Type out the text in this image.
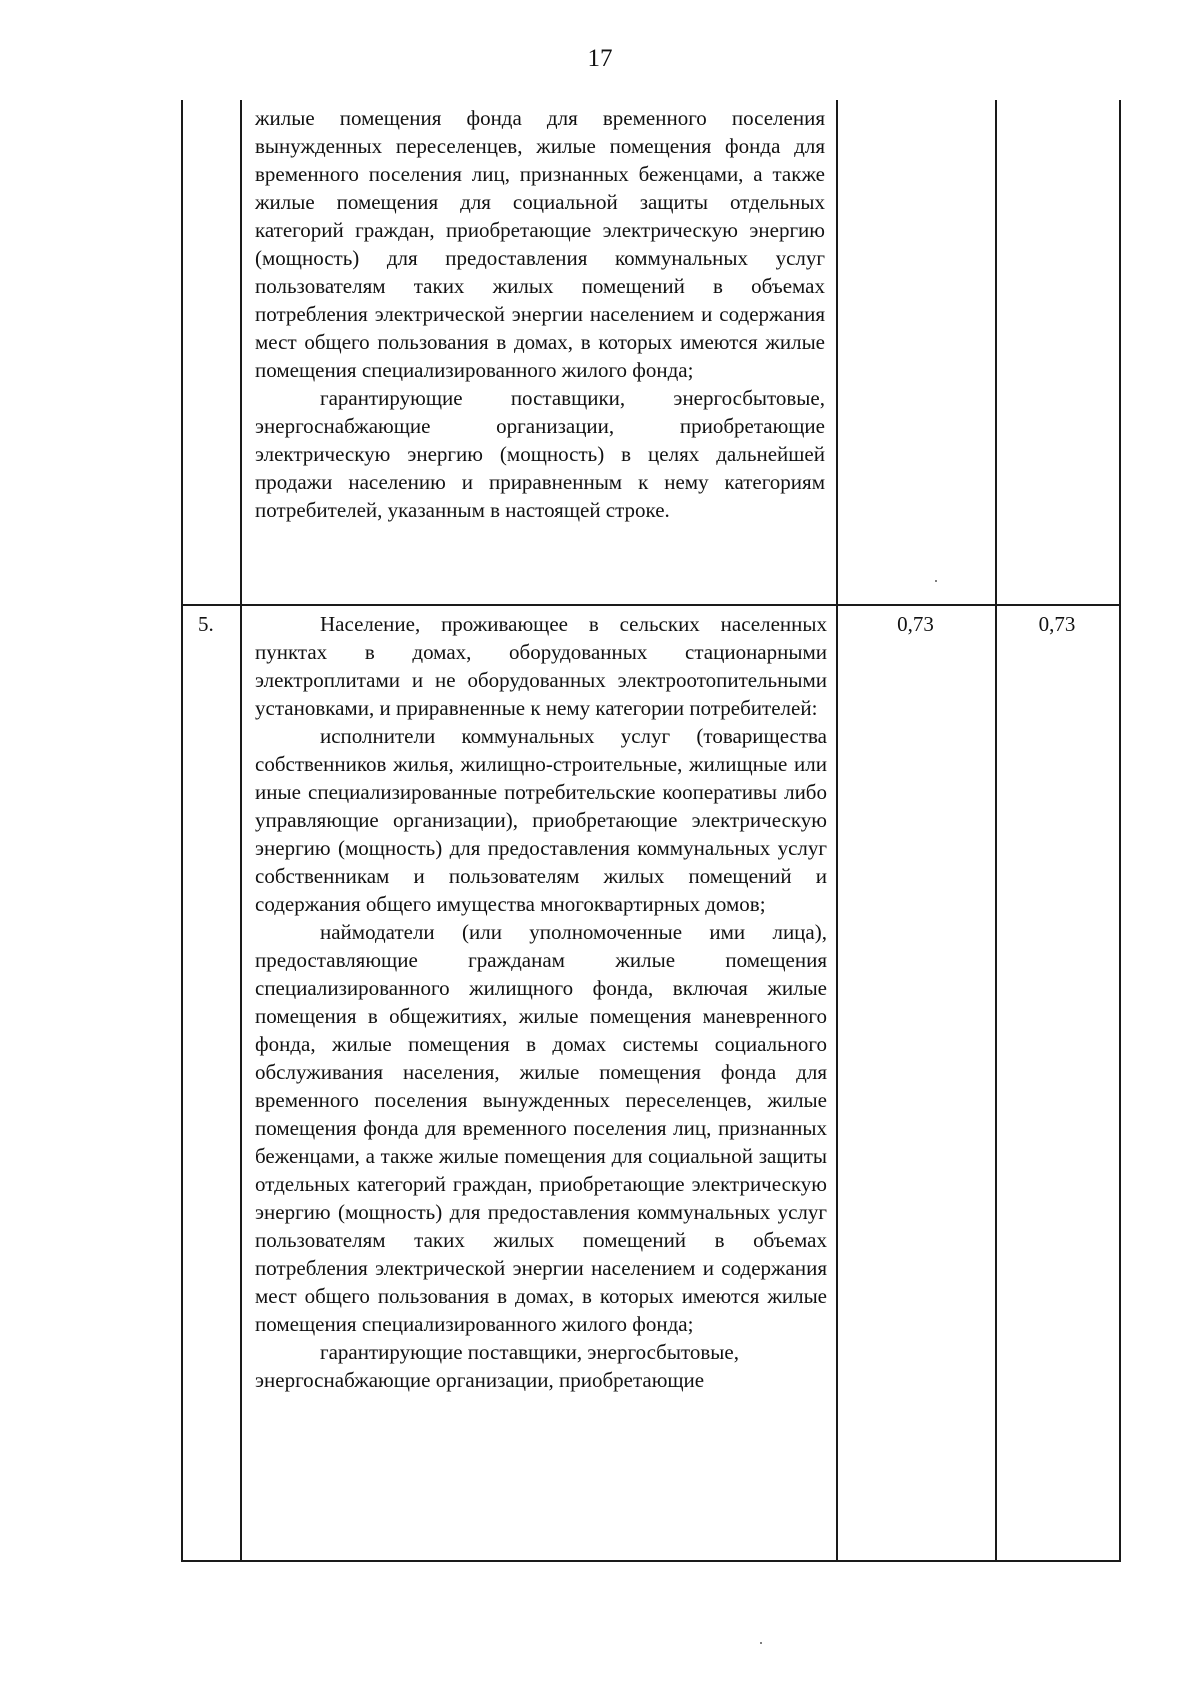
17

жилые помещения фонда для временного поселения вынужденных переселенцев, жилые помещения фонда для временного поселения лиц, признанных беженцами, а также жилые помещения для социальной защиты отдельных категорий граждан, приобретающие электрическую энергию (мощность) для предоставления коммунальных услуг пользователям таких жилых помещений в объемах потребления электрической энергии населением и содержания мест общего пользования в домах, в которых имеются жилые помещения специализированного жилого фонда;

гарантирующие поставщики, энергосбытовые, энергоснабжающие организации, приобретающие электрическую энергию (мощность) в целях дальнейшей продажи населению и приравненным к нему категориям потребителей, указанным в настоящей строке.

5.	Население, проживающее в сельских населенных пунктах в домах, оборудованных стационарными электроплитами и не оборудованных электроотопительными установками, и приравненные к нему категории потребителей:

исполнители коммунальных услуг (товарищества собственников жилья, жилищно-строительные, жилищные или иные специализированные потребительские кооперативы либо управляющие организации), приобретающие электрическую энергию (мощность) для предоставления коммунальных услуг собственникам и пользователям жилых помещений и содержания общего имущества многоквартирных домов;

наймодатели (или уполномоченные ими лица), предоставляющие гражданам жилые помещения специализированного жилищного фонда, включая жилые помещения в общежитиях, жилые помещения маневренного фонда, жилые помещения в домах системы социального обслуживания населения, жилые помещения фонда для временного поселения вынужденных переселенцев, жилые помещения фонда для временного поселения лиц, признанных беженцами, а также жилые помещения для социальной защиты отдельных категорий граждан, приобретающие электрическую энергию (мощность) для предоставления коммунальных услуг пользователям таких жилых помещений в объемах потребления электрической энергии населением и содержания мест общего пользования в домах, в которых имеются жилые помещения специализированного жилого фонда;

гарантирующие поставщики, энергосбытовые, энергоснабжающие организации, приобретающие

0,73	0,73
